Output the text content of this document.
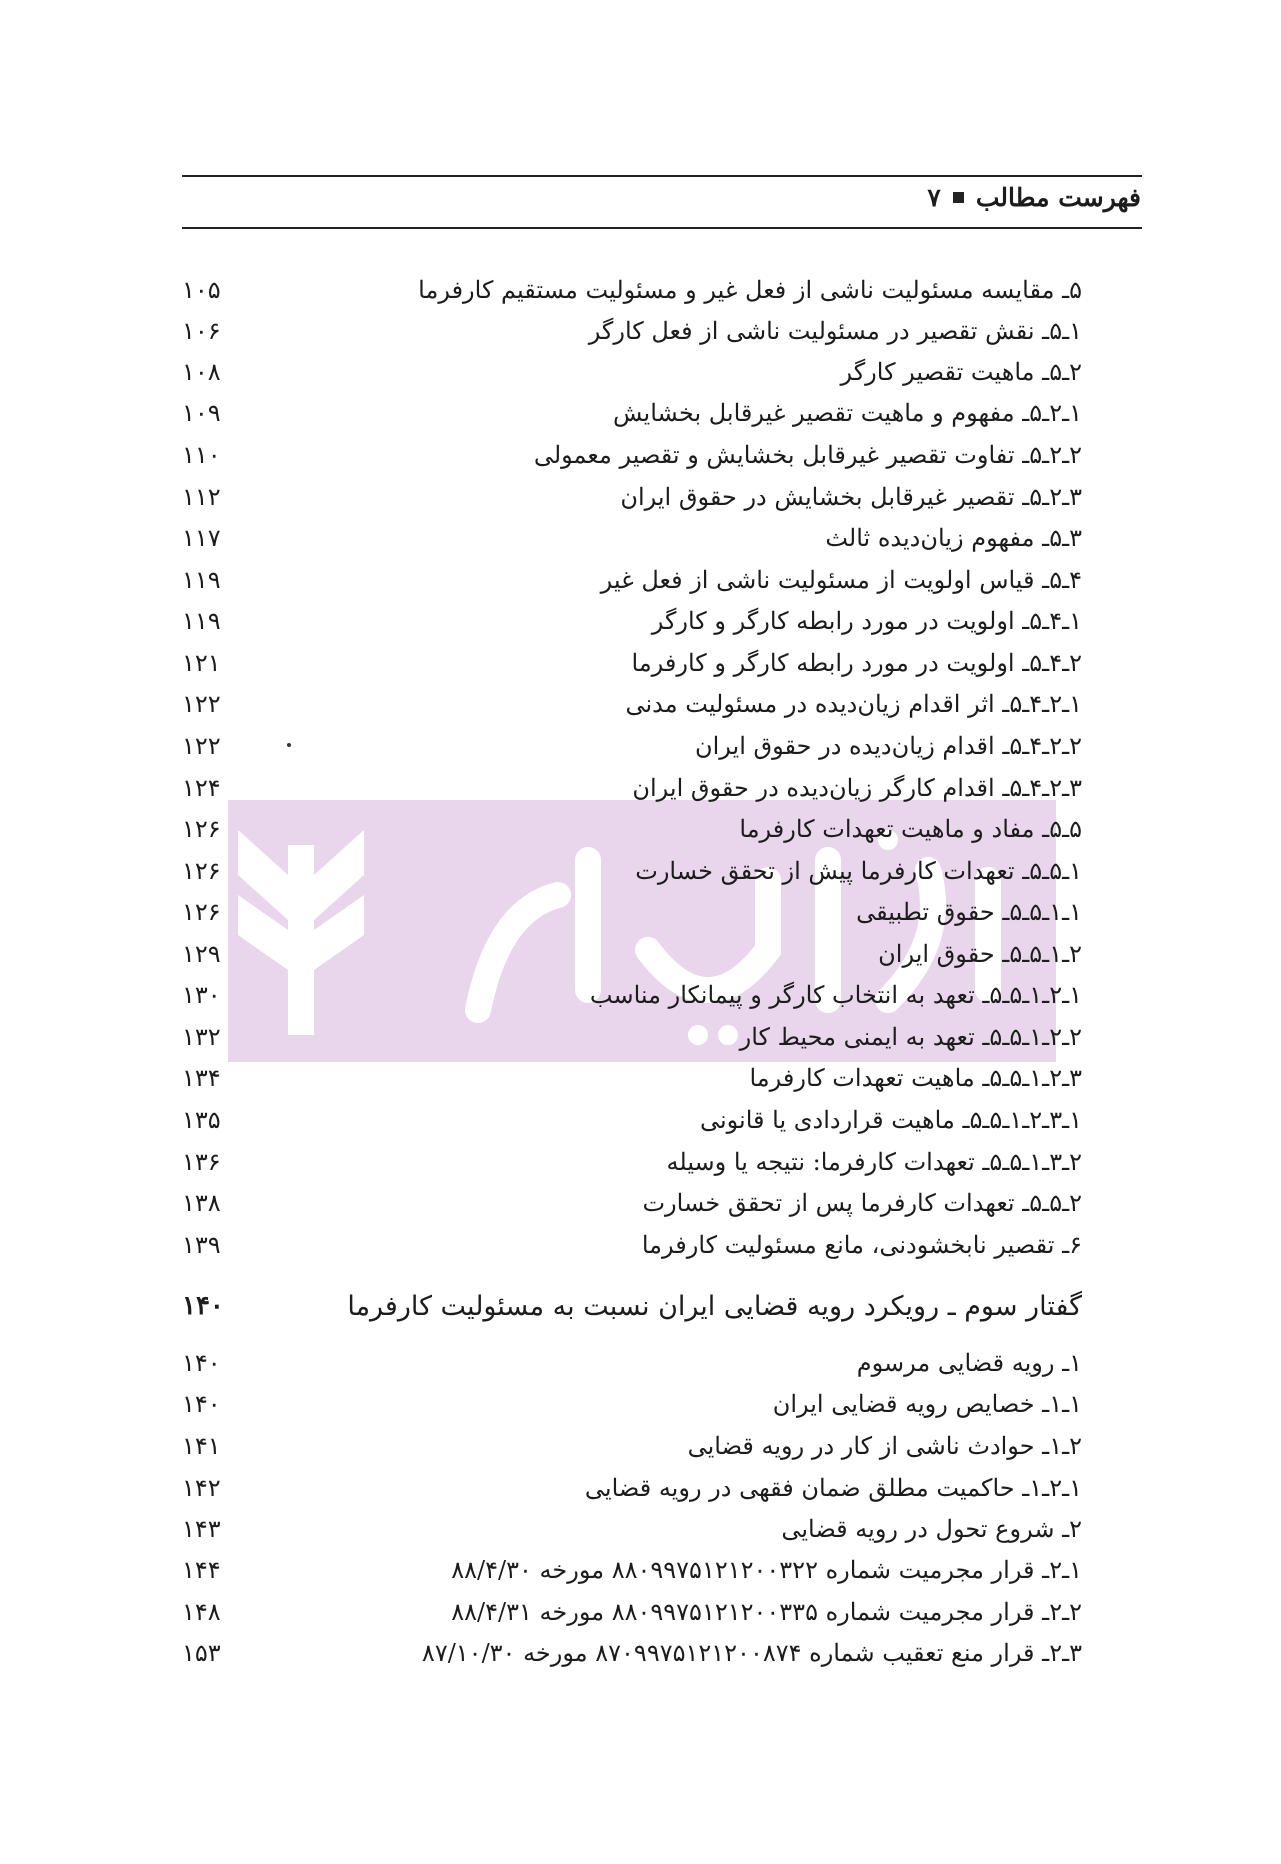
فهرست مطالب
۷
۵ـ مقایسه مسئولیت ناشی از فعل غیر و مسئولیت مستقیم کارفرما
۱۰۵
۱ـ۵ـ نقش تقصیر در مسئولیت ناشی از فعل کارگر
۱۰۶
۲ـ۵ـ ماهیت تقصیر کارگر
۱۰۸
۱ـ۲ـ۵ـ مفهوم و ماهیت تقصیر غیرقابل بخشایش
۱۰۹
۲ـ۲ـ۵ـ تفاوت تقصیر غیرقابل بخشایش و تقصیر معمولی
۱۱۰
۳ـ۲ـ۵ـ تقصیر غیرقابل بخشایش در حقوق ایران
۱۱۲
۳ـ۵ـ مفهوم زیان‌دیده ثالث
۱۱۷
۴ـ۵ـ قیاس اولویت از مسئولیت ناشی از فعل غیر
۱۱۹
۱ـ۴ـ۵ـ اولویت در مورد رابطه کارگر و کارگر
۱۱۹
۲ـ۴ـ۵ـ اولویت در مورد رابطه کارگر و کارفرما
۱۲۱
۱ـ۲ـ۴ـ۵ـ اثر اقدام زیان‌دیده در مسئولیت مدنی
۱۲۲
۲ـ۲ـ۴ـ۵ـ اقدام زیان‌دیده در حقوق ایران
۱۲۲
۳ـ۲ـ۴ـ۵ـ اقدام کارگر زیان‌دیده در حقوق ایران
۱۲۴
۵ـ۵ـ مفاد و ماهیت تعهدات کارفرما
۱۲۶
۱ـ۵ـ۵ـ تعهدات کارفرما پیش از تحقق خسارت
۱۲۶
۱ـ۱ـ۵ـ۵ـ حقوق تطبیقی
۱۲۶
۲ـ۱ـ۵ـ۵ـ حقوق ایران
۱۲۹
۱ـ۲ـ۱ـ۵ـ۵ـ تعهد به انتخاب کارگر و پیمانکار مناسب
۱۳۰
۲ـ۲ـ۱ـ۵ـ۵ـ تعهد به ایمنی محیط کار
۱۳۲
۳ـ۲ـ۱ـ۵ـ۵ـ ماهیت تعهدات کارفرما
۱۳۴
۱ـ۳ـ۲ـ۱ـ۵ـ۵ـ ماهیت قراردادی یا قانونی
۱۳۵
۲ـ۳ـ۱ـ۵ـ۵ـ تعهدات کارفرما: نتیجه یا وسیله
۱۳۶
۲ـ۵ـ۵ـ تعهدات کارفرما پس از تحقق خسارت
۱۳۸
۶ـ تقصیر نابخشودنی، مانع مسئولیت کارفرما
۱۳۹
گفتار سوم ـ رویکرد رویه قضایی ایران نسبت به مسئولیت کارفرما
۱۴۰
۱ـ رویه قضایی مرسوم
۱۴۰
۱ـ۱ـ خصایص رویه قضایی ایران
۱۴۰
۲ـ۱ـ حوادث ناشی از کار در رویه قضایی
۱۴۱
۱ـ۲ـ۱ـ حاکمیت مطلق ضمان فقهی در رویه قضایی
۱۴۲
۲ـ شروع تحول در رویه قضایی
۱۴۳
۱ـ۲ـ قرار مجرمیت شماره ۸۸۰۹۹۷۵۱۲۱۲۰۰۳۲۲ مورخه ۸۸/۴/۳۰
۱۴۴
۲ـ۲ـ قرار مجرمیت شماره ۸۸۰۹۹۷۵۱۲۱۲۰۰۳۳۵ مورخه ۸۸/۴/۳۱
۱۴۸
۳ـ۲ـ قرار منع تعقیب شماره ۸۷۰۹۹۷۵۱۲۱۲۰۰۸۷۴ مورخه ۸۷/۱۰/۳۰
۱۵۳
